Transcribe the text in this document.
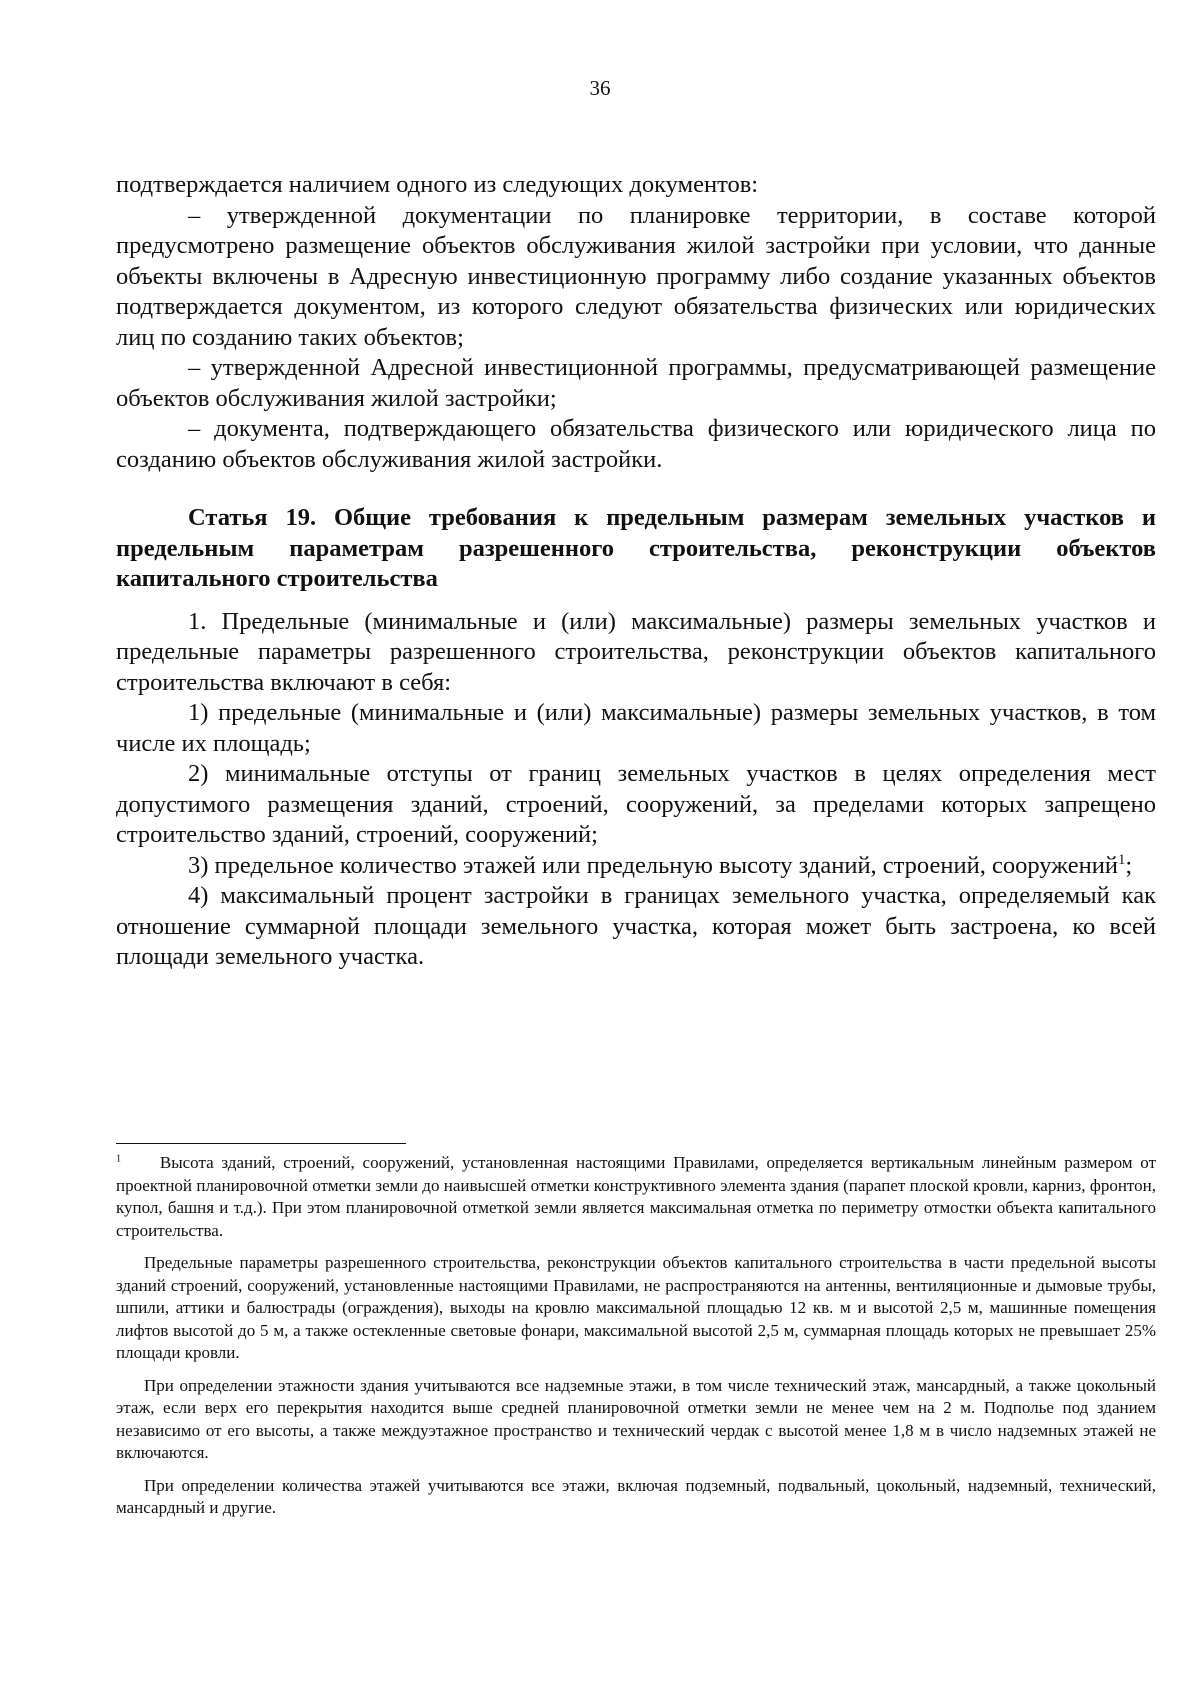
36

подтверждается наличием одного из следующих документов:

– утвержденной документации по планировке территории, в составе которой предусмотрено размещение объектов обслуживания жилой застройки при условии, что данные объекты включены в Адресную инвестиционную программу либо создание указанных объектов подтверждается документом, из которого следуют обязательства физических или юридических лиц по созданию таких объектов;

– утвержденной Адресной инвестиционной программы, предусматривающей размещение объектов обслуживания жилой застройки;

– документа, подтверждающего обязательства физического или юридического лица по созданию объектов обслуживания жилой застройки.

Статья 19. Общие требования к предельным размерам земельных участков и предельным параметрам разрешенного строительства, реконструкции объектов капитального строительства

1. Предельные (минимальные и (или) максимальные) размеры земельных участков и предельные параметры разрешенного строительства, реконструкции объектов капитального строительства включают в себя:

1) предельные (минимальные и (или) максимальные) размеры земельных участков, в том числе их площадь;

2) минимальные отступы от границ земельных участков в целях определения мест допустимого размещения зданий, строений, сооружений, за пределами которых запрещено строительство зданий, строений, сооружений;

3) предельное количество этажей или предельную высоту зданий, строений, сооружений$^1$;

4) максимальный процент застройки в границах земельного участка, определяемый как отношение суммарной площади земельного участка, которая может быть застроена, ко всей площади земельного участка.

$^1$ Высота зданий, строений, сооружений, установленная настоящими Правилами, определяется вертикальным линейным размером от проектной планировочной отметки земли до наивысшей отметки конструктивного элемента здания (парапет плоской кровли, карниз, фронтон, купол, башня и т.д.). При этом планировочной отметкой земли является максимальная отметка по периметру отмостки объекта капитального строительства.

Предельные параметры разрешенного строительства, реконструкции объектов капитального строительства в части предельной высоты зданий строений, сооружений, установленные настоящими Правилами, не распространяются на антенны, вентиляционные и дымовые трубы, шпили, аттики и балюстрады (ограждения), выходы на кровлю максимальной площадью 12 кв. м и высотой 2,5 м, машинные помещения лифтов высотой до 5 м, а также остекленные световые фонари, максимальной высотой 2,5 м, суммарная площадь которых не превышает 25% площади кровли.

При определении этажности здания учитываются все надземные этажи, в том числе технический этаж, мансардный, а также цокольный этаж, если верх его перекрытия находится выше средней планировочной отметки земли не менее чем на 2 м. Подполье под зданием независимо от его высоты, а также междуэтажное пространство и технический чердак с высотой менее 1,8 м в число надземных этажей не включаются.

При определении количества этажей учитываются все этажи, включая подземный, подвальный, цокольный, надземный, технический, мансардный и другие.
